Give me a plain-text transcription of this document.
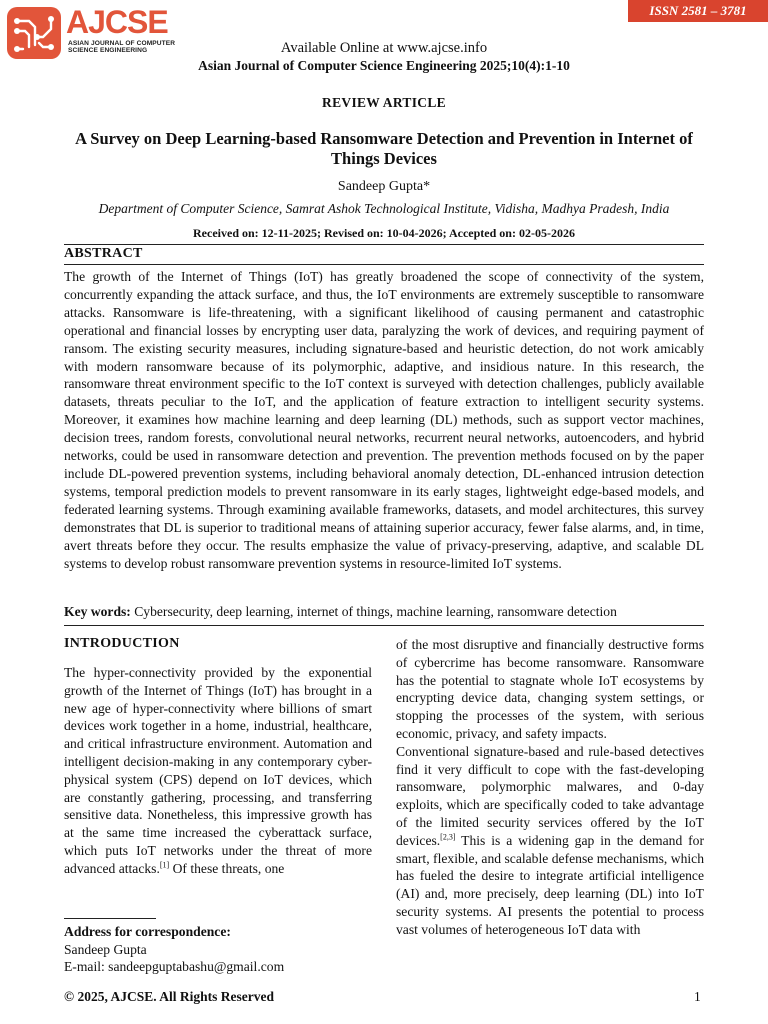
AJCSE
ASIAN JOURNAL OF COMPUTER
SCIENCE ENGINEERING
ISSN 2581 – 3781
Available Online at www.ajcse.info
Asian Journal of Computer Science Engineering 2025;10(4):1-10
REVIEW ARTICLE
A Survey on Deep Learning-based Ransomware Detection and Prevention in Internet of Things Devices
Sandeep Gupta*
Department of Computer Science, Samrat Ashok Technological Institute, Vidisha, Madhya Pradesh, India
Received on: 12-11-2025; Revised on: 10-04-2026; Accepted on: 02-05-2026
ABSTRACT
The growth of the Internet of Things (IoT) has greatly broadened the scope of connectivity of the system, concurrently expanding the attack surface, and thus, the IoT environments are extremely susceptible to ransomware attacks. Ransomware is life-threatening, with a significant likelihood of causing permanent and catastrophic operational and financial losses by encrypting user data, paralyzing the work of devices, and requiring payment of ransom. The existing security measures, including signature-based and heuristic detection, do not work amicably with modern ransomware because of its polymorphic, adaptive, and insidious nature. In this research, the ransomware threat environment specific to the IoT context is surveyed with detection challenges, publicly available datasets, threats peculiar to the IoT, and the application of feature extraction to intelligent security systems. Moreover, it examines how machine learning and deep learning (DL) methods, such as support vector machines, decision trees, random forests, convolutional neural networks, recurrent neural networks, autoencoders, and hybrid networks, could be used in ransomware detection and prevention. The prevention methods focused on by the paper include DL-powered prevention systems, including behavioral anomaly detection, DL-enhanced intrusion detection systems, temporal prediction models to prevent ransomware in its early stages, lightweight edge-based models, and federated learning systems. Through examining available frameworks, datasets, and model architectures, this survey demonstrates that DL is superior to traditional means of attaining superior accuracy, fewer false alarms, and, in time, avert threats before they occur. The results emphasize the value of privacy-preserving, adaptive, and scalable DL systems to develop robust ransomware prevention systems in resource-limited IoT systems.
Key words: Cybersecurity, deep learning, internet of things, machine learning, ransomware detection
INTRODUCTION

The hyper-connectivity provided by the exponential growth of the Internet of Things (IoT) has brought in a new age of hyper-connectivity where billions of smart devices work together in a home, industrial, healthcare, and critical infrastructure environment. Automation and intelligent decision-making in any contemporary cyber-physical system (CPS) depend on IoT devices, which are constantly gathering, processing, and transferring sensitive data. Nonetheless, this impressive growth has at the same time increased the cyberattack surface, which puts IoT networks under the threat of more advanced attacks.[1] Of these threats, one

of the most disruptive and financially destructive forms of cybercrime has become ransomware. Ransomware has the potential to stagnate whole IoT ecosystems by encrypting device data, changing system settings, or stopping the processes of the system, with serious economic, privacy, and safety impacts.

Conventional signature-based and rule-based detectives find it very difficult to cope with the fast-developing ransomware, polymorphic malwares, and 0-day exploits, which are specifically coded to take advantage of the limited security services offered by the IoT devices.[2,3] This is a widening gap in the demand for smart, flexible, and scalable defense mechanisms, which has fueled the desire to integrate artificial intelligence (AI) and, more precisely, deep learning (DL) into IoT security systems. AI presents the potential to process vast volumes of heterogeneous IoT data with

Address for correspondence:
Sandeep Gupta
E-mail: sandeepguptabashu@gmail.com
© 2025, AJCSE. All Rights Reserved	1
